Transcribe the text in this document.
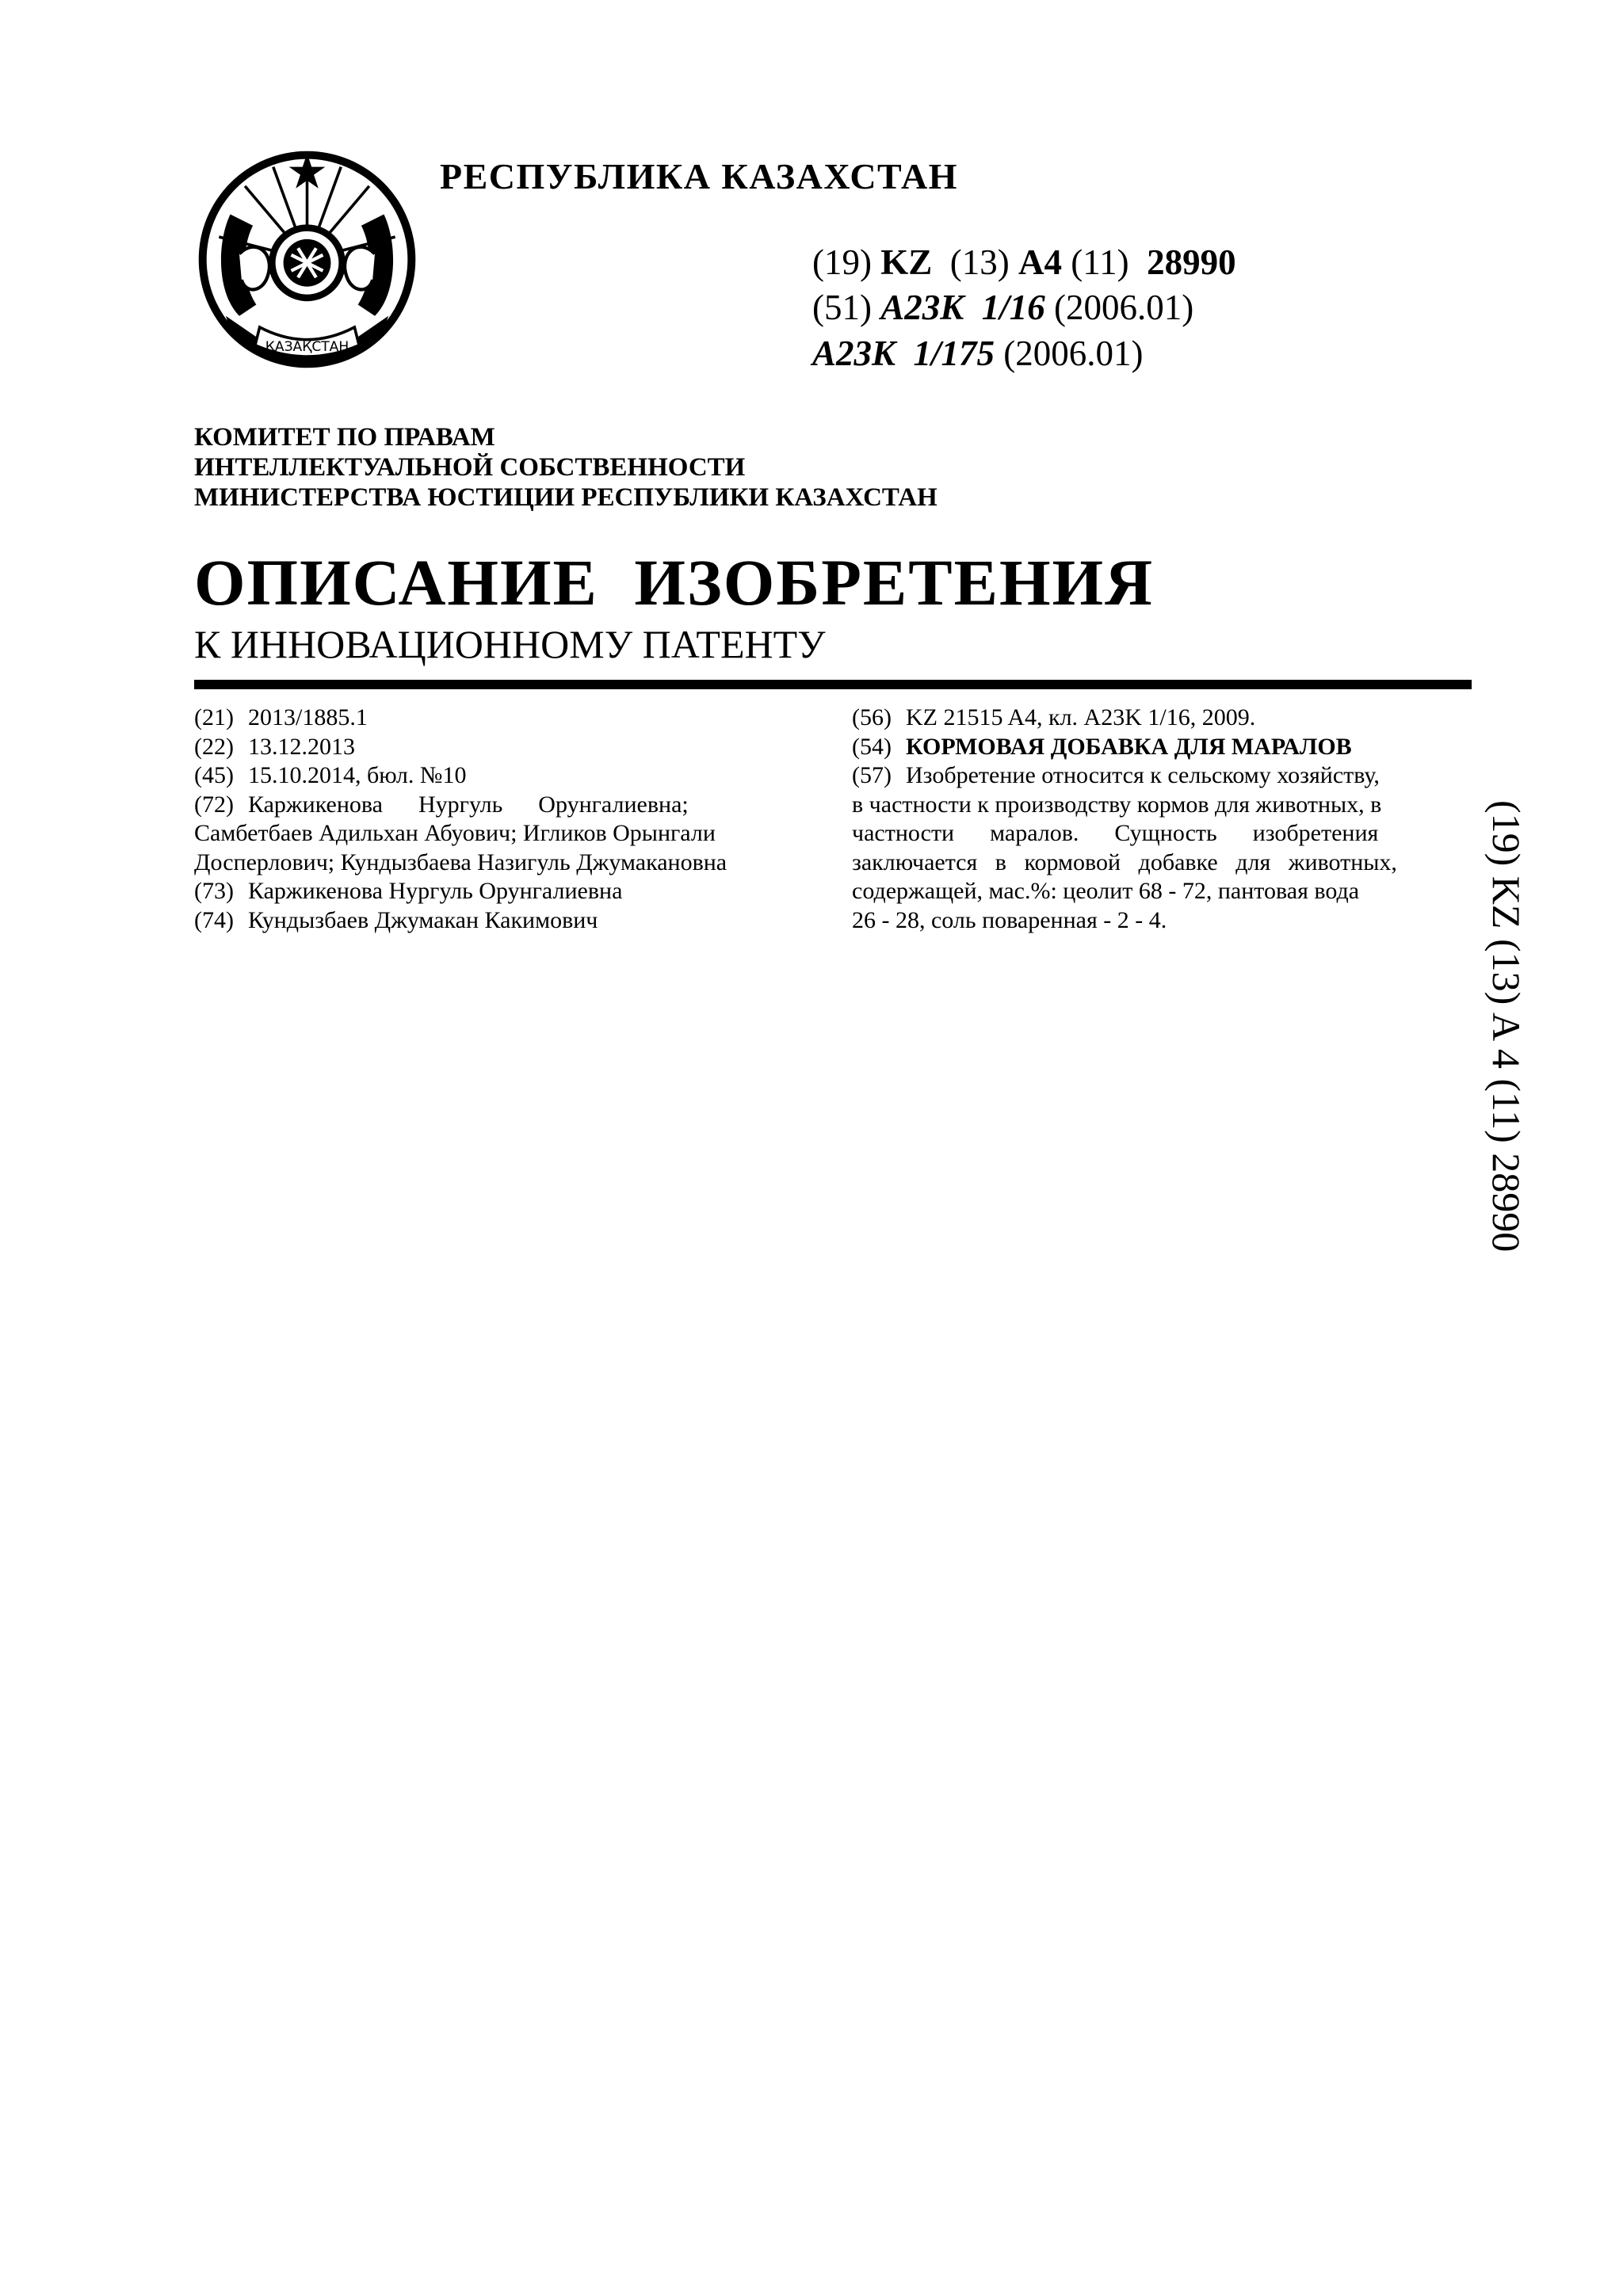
ҚАЗАҚСТАН
РЕСПУБЛИКА КАЗАХСТАН
(19) KZ (13) A4 (11) 28990
(51) A23K  1/16 (2006.01)
A23K  1/175 (2006.01)
КОМИТЕТ ПО ПРАВАМ
ИНТЕЛЛЕКТУАЛЬНОЙ СОБСТВЕННОСТИ
МИНИСТЕРСТВА ЮСТИЦИИ РЕСПУБЛИКИ КАЗАХСТАН
ОПИСАНИЕ  ИЗОБРЕТЕНИЯ
К ИННОВАЦИОННОМУ ПАТЕНТУ
(21) 2013/1885.1
(22) 13.12.2013
(45) 15.10.2014, бюл. №10
(72) Каржикенова      Нургуль      Орунгалиевна;
Самбетбаев Адильхан Абуович; Игликов Орынгали
Досперлович; Кундызбаева Назигуль Джумакановна
(73) Каржикенова Нургуль Орунгалиевна
(74) Кундызбаев Джумакан Какимович
(56) KZ 21515 A4, кл. A23K 1/16, 2009.
(54) КОРМОВАЯ ДОБАВКА ДЛЯ МАРАЛОВ
(57) Изобретение относится к сельскому хозяйству,
в частности к производству кормов для животных, в
частности      маралов.      Сущность      изобретения
заключается   в   кормовой   добавке   для   животных,
содержащей, мас.%: цеолит 68 - 72, пантовая вода
26 - 28, соль поваренная - 2 - 4.	(19) KZ (13) A 4 (11) 28990
